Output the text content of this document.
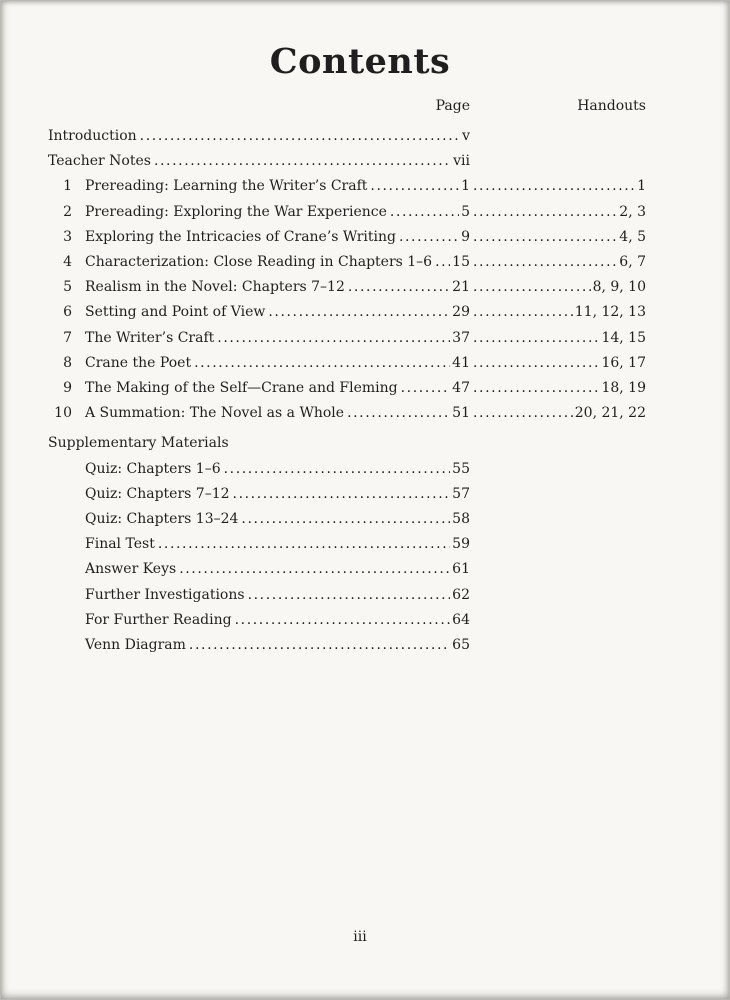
Contents
Page	Handouts
Introduction .....	v
Teacher Notes .....	vii
1 Prereading: Learning the Writer’s Craft .....	1 .....	1
2 Prereading: Exploring the War Experience .....	5 .....	2, 3
3 Exploring the Intricacies of Crane’s Writing .....	9 .....	4, 5
4 Characterization: Close Reading in Chapters 1–6 ..... 15 .....	6, 7
5 Realism in the Novel: Chapters 7–12 .....	21 .....	8, 9, 10
6 Setting and Point of View .....	29 .....	11, 12, 13
7 The Writer’s Craft .....	37 .....	14, 15
8 Crane the Poet .....	41 .....	16, 17
9 The Making of the Self—Crane and Fleming .....	47 .....	18, 19
10 A Summation: The Novel as a Whole .....	51 .....	20, 21, 22
Supplementary Materials
Quiz: Chapters 1–6 .....	55
Quiz: Chapters 7–12 .....	57
Quiz: Chapters 13–24 .....	58
Final Test .....	59
Answer Keys .....	61
Further Investigations .....	62
For Further Reading .....	64
Venn Diagram .....	65
iii
